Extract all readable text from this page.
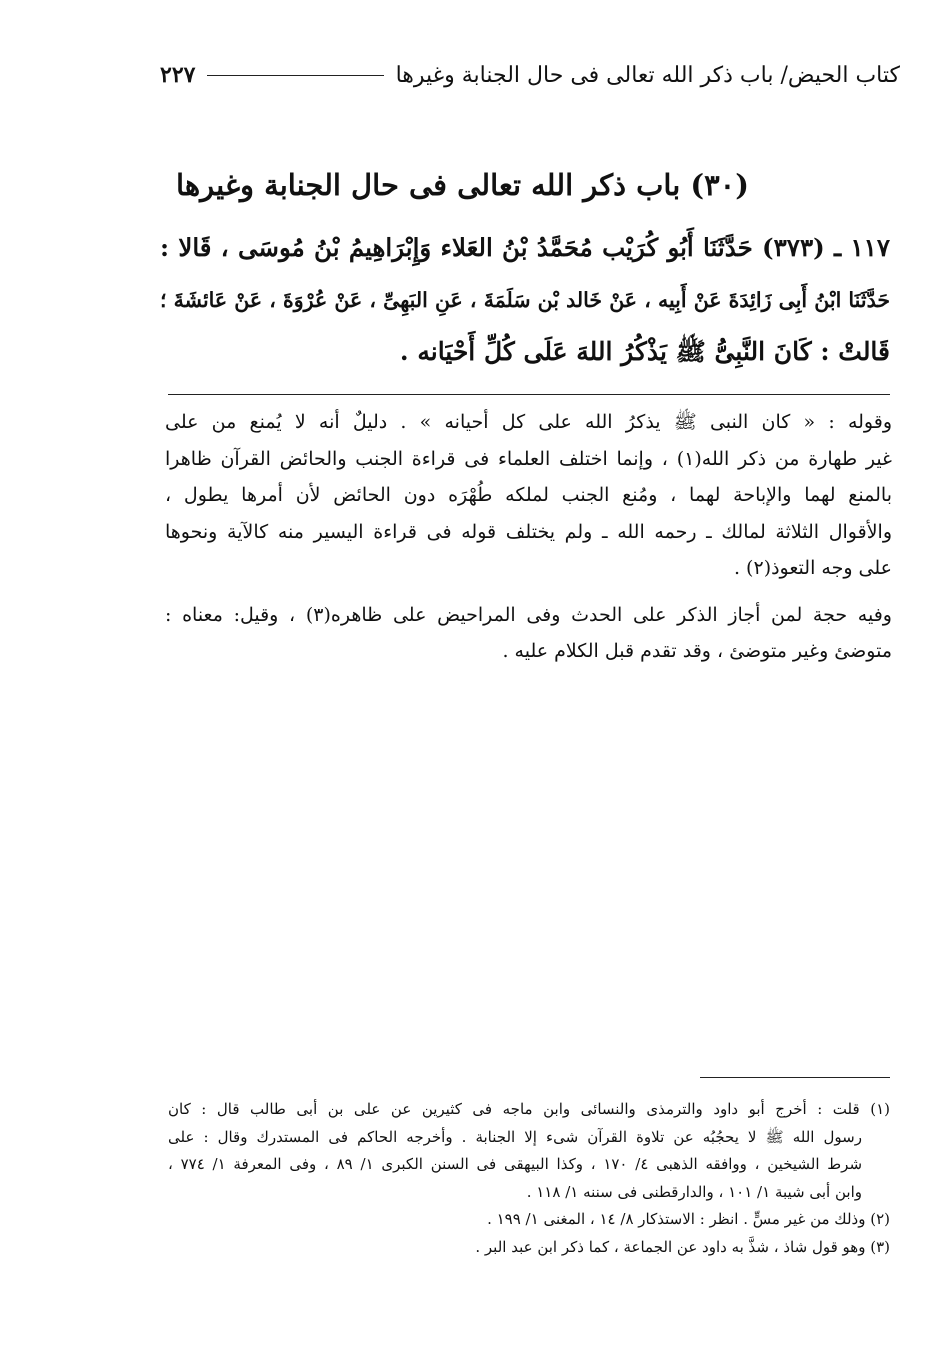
كتاب الحيض/ باب ذكر الله تعالى فى حال الجنابة وغيرها
٢٢٧
(٣٠) باب ذكر الله تعالى فى حال الجنابة وغيرها
١١٧ ـ (٣٧٣) حَدَّثَنَا أَبُو كُرَيْب مُحَمَّدُ بْنُ العَلاء وَإِبْرَاهِيمُ بْنُ مُوسَى ، قَالا :
حَدَّثَنَا ابْنُ أَبِى زَائِدَةَ عَنْ أَبِيه ، عَنْ خَالد بْن سَلَمَةَ ، عَنِ البَهِىِّ ، عَنْ عُرْوَةَ ، عَنْ عَائشَةَ ؛
قَالتْ : كَانَ النَّبِىُّ ﷺ يَذْكُرُ اللهَ عَلَى كُلِّ أَحْيَانه .
وقوله : « كان النبى ﷺ يذكرُ الله على كل أحيانه » . دليلٌ أنه لا يُمنع من على
غير طهارة من ذكر الله(١) ، وإنما اختلف العلماء فى قراءة الجنب والحائض القرآن ظاهرا
بالمنع لهما والإباحة لهما ، ومُنع الجنب لملكه طُهْرَه دون الحائض لأن أمرها يطول ،
والأقوال الثلاثة لمالك ـ رحمه الله ـ ولم يختلف قوله فى قراءة اليسير منه كالآية ونحوها
على وجه التعوذ(٢) .
وفيه حجة لمن أجاز الذكر على الحدث وفى المراحيض على ظاهره(٣) ، وقيل: معناه :
متوضئ وغير متوضئ ، وقد تقدم قبل الكلام عليه .
(١) قلت : أخرج أبو داود والترمذى والنسائى وابن ماجه فى كثيرين عن على بن أبى طالب قال : كان
رسول الله ﷺ لا يحجُبُه عن تلاوة القرآن شىء إلا الجنابة . وأخرجه الحاكم فى المستدرك وقال : على
شرط الشيخين ، ووافقه الذهبى ٤/ ١٧٠ ، وكذا البيهقى فى السنن الكبرى ١/ ٨٩ ، وفى المعرفة ١/ ٧٧٤ ،
وابن أبى شيبة ١/ ١٠١ ، والدارقطنى فى سننه ١/ ١١٨ .
(٢) وذلك من غير مسٍّ . انظر : الاستذكار ٨/ ١٤ ، المغنى ١/ ١٩٩ .
(٣) وهو قول شاذ ، شذَّ به داود عن الجماعة ، كما ذكر ابن عبد البر .
